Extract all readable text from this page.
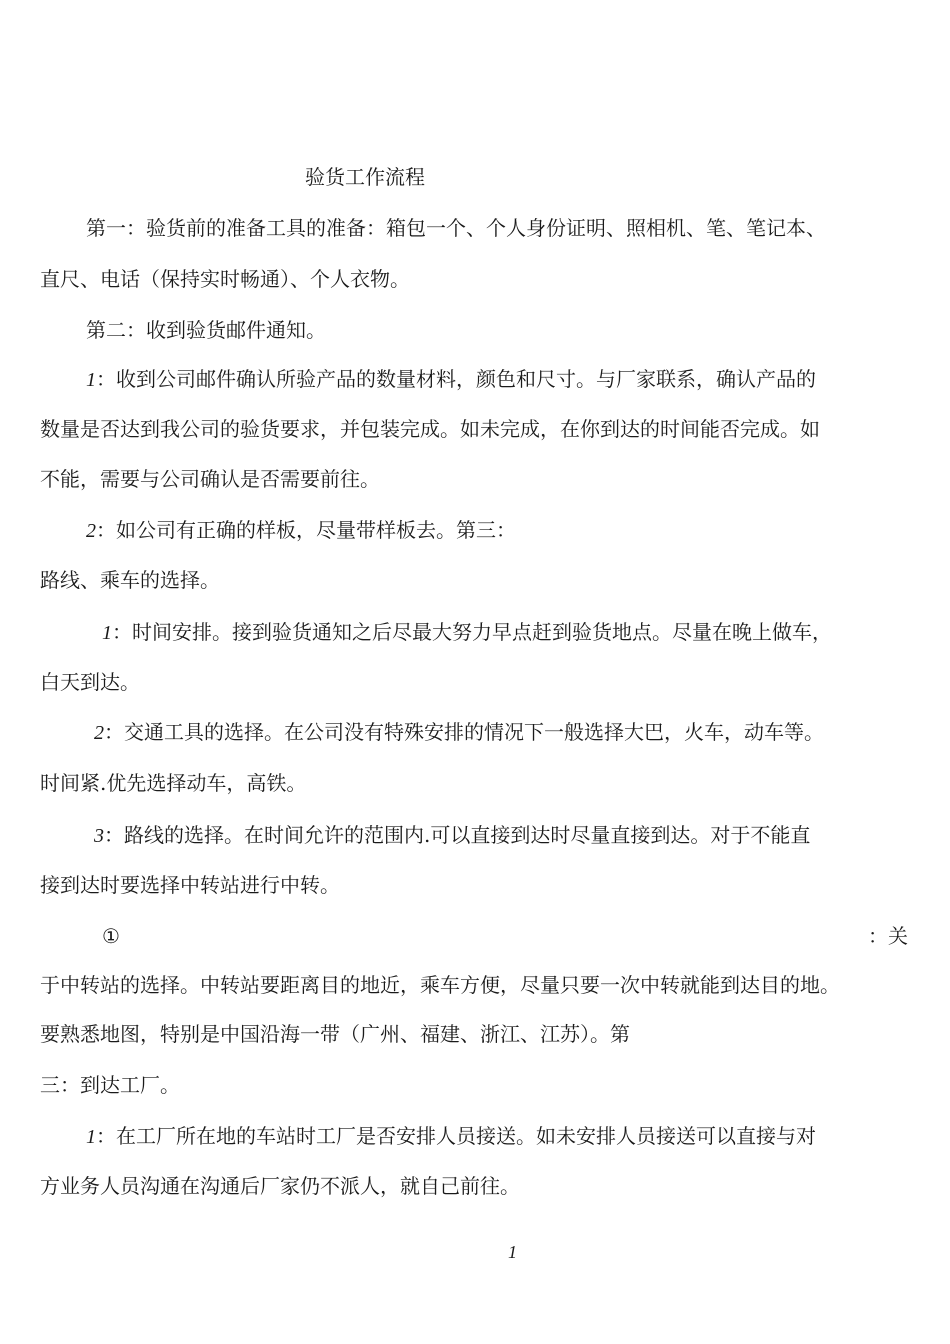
验货工作流程
第一：验货前的准备工具的准备：箱包一个、个人身份证明、照相机、笔、笔记本、
直尺、电话（保持实时畅通）、个人衣物。
第二：收到验货邮件通知。
1：收到公司邮件确认所验产品的数量材料，颜色和尺寸。与厂家联系，确认产品的
数量是否达到我公司的验货要求，并包装完成。如未完成，在你到达的时间能否完成。如
不能，需要与公司确认是否需要前往。
2：如公司有正确的样板，尽量带样板去。第三：
路线、乘车的选择。
1：时间安排。接到验货通知之后尽最大努力早点赶到验货地点。尽量在晚上做车，
白天到达。
2：交通工具的选择。在公司没有特殊安排的情况下一般选择大巴，火车，动车等。
时间紧.优先选择动车，高铁。
3：路线的选择。在时间允许的范围内.可以直接到达时尽量直接到达。对于不能直
接到达时要选择中转站进行中转。
①	：关
于中转站的选择。中转站要距离目的地近，乘车方便，尽量只要一次中转就能到达目的地。
要熟悉地图，特别是中国沿海一带（广州、福建、浙江、江苏）。第
三：到达工厂。
1：在工厂所在地的车站时工厂是否安排人员接送。如未安排人员接送可以直接与对
方业务人员沟通在沟通后厂家仍不派人，就自己前往。
1
